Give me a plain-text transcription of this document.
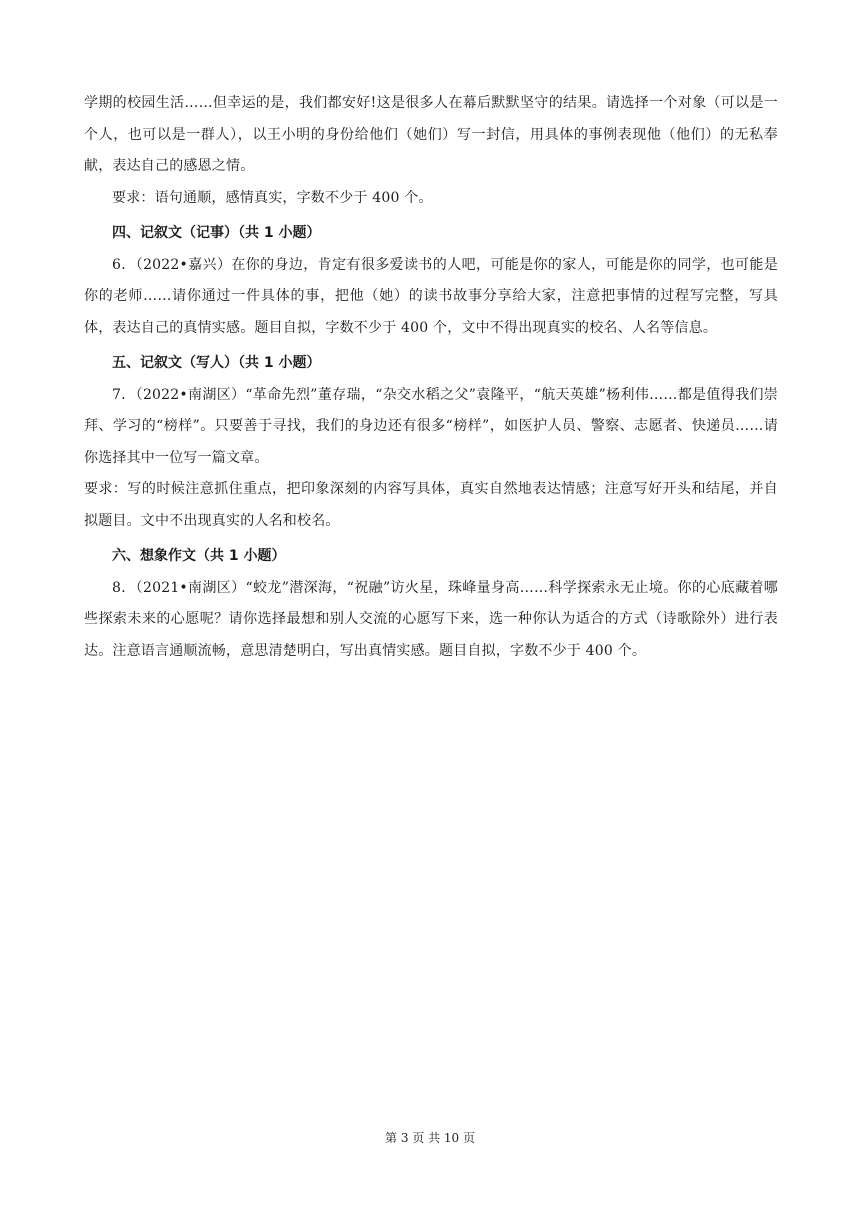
学期的校园生活……但幸运的是，我们都安好!这是很多人在幕后默默坚守的结果。请选择一个对象（可以是一个人，也可以是一群人），以王小明的身份给他们（她们）写一封信，用具体的事例表现他（他们）的无私奉献，表达自己的感恩之情。

要求：语句通顺，感情真实，字数不少于 400 个。

四、记叙文（记事）（共 1 小题）

6．（2022•嘉兴）在你的身边，肯定有很多爱读书的人吧，可能是你的家人，可能是你的同学，也可能是你的老师……请你通过一件具体的事，把他（她）的读书故事分享给大家，注意把事情的过程写完整，写具体，表达自己的真情实感。题目自拟，字数不少于 400 个，文中不得出现真实的校名、人名等信息。

五、记叙文（写人）（共 1 小题）

7．（2022•南湖区）“革命先烈”董存瑞，“杂交水稻之父”袁隆平，“航天英雄”杨利伟……都是值得我们崇拜、学习的“榜样”。只要善于寻找，我们的身边还有很多“榜样”，如医护人员、警察、志愿者、快递员……请你选择其中一位写一篇文章。

要求：写的时候注意抓住重点，把印象深刻的内容写具体，真实自然地表达情感；注意写好开头和结尾，并自拟题目。文中不出现真实的人名和校名。

六、想象作文（共 1 小题）

8．（2021•南湖区）“蛟龙”潜深海，“祝融”访火星，珠峰量身高……科学探索永无止境。你的心底藏着哪些探索未来的心愿呢？请你选择最想和别人交流的心愿写下来，选一种你认为适合的方式（诗歌除外）进行表达。注意语言通顺流畅，意思清楚明白，写出真情实感。题目自拟，字数不少于 400 个。

第 3 页 共 10 页
